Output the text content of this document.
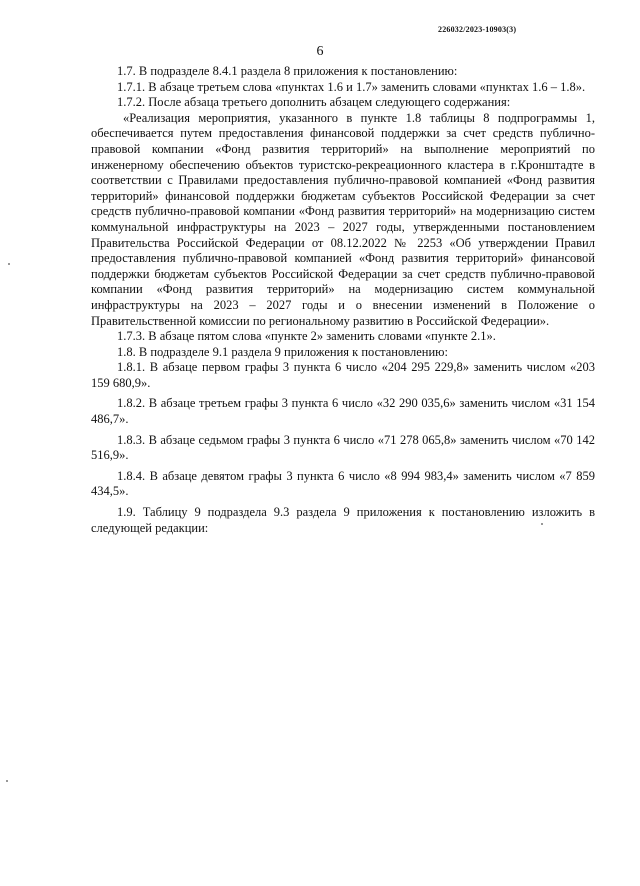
226032/2023-10903(3)
6

1.7. В подразделе 8.4.1 раздела 8 приложения к постановлению:

1.7.1. В абзаце третьем слова «пунктах 1.6 и 1.7» заменить словами «пунктах 1.6 – 1.8».

1.7.2. После абзаца третьего дополнить абзацем следующего содержания:

«Реализация мероприятия, указанного в пункте 1.8 таблицы 8 подпрограммы 1, обеспечивается путем предоставления финансовой поддержки за счет средств публично-правовой компании «Фонд развития территорий» на выполнение мероприятий по инженерному обеспечению объектов туристско-рекреационного кластера в г.Кронштадте в соответствии с Правилами предоставления публично-правовой компанией «Фонд развития территорий» финансовой поддержки бюджетам субъектов Российской Федерации за счет средств публично-правовой компании «Фонд развития территорий» на модернизацию систем коммунальной инфраструктуры на 2023 – 2027 годы, утвержденными постановлением Правительства Российской Федерации от 08.12.2022 № 2253 «Об утверждении Правил предоставления публично-правовой компанией «Фонд развития территорий» финансовой поддержки бюджетам субъектов Российской Федерации за счет средств публично-правовой компании «Фонд развития территорий» на модернизацию систем коммунальной инфраструктуры на 2023 – 2027 годы и о внесении изменений в Положение о Правительственной комиссии по региональному развитию в Российской Федерации».

1.7.3. В абзаце пятом слова «пункте 2» заменить словами «пункте 2.1».

1.8. В подразделе 9.1 раздела 9 приложения к постановлению:

1.8.1. В абзаце первом графы 3 пункта 6 число «204 295 229,8» заменить числом «203 159 680,9».

1.8.2. В абзаце третьем графы 3 пункта 6 число «32 290 035,6» заменить числом «31 154 486,7».

1.8.3. В абзаце седьмом графы 3 пункта 6 число «71 278 065,8» заменить числом «70 142 516,9».

1.8.4. В абзаце девятом графы 3 пункта 6 число «8 994 983,4» заменить числом «7 859 434,5».

1.9. Таблицу 9 подраздела 9.3 раздела 9 приложения к постановлению изложить в следующей редакции:
